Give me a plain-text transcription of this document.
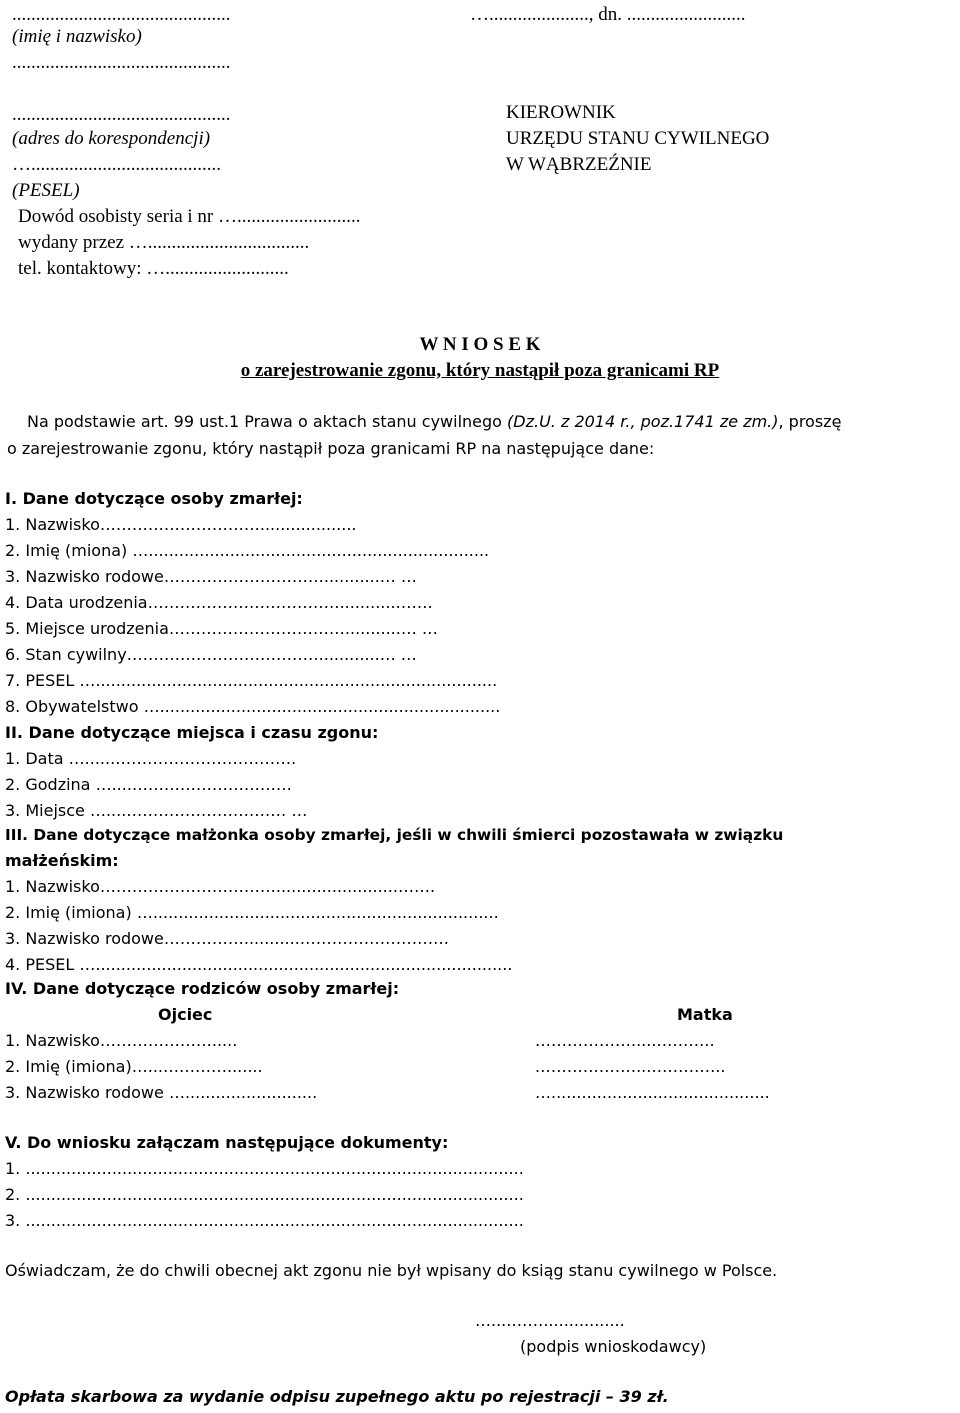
..............................................

(imię i nazwisko)

..............................................

..............................................

(adres do korespondencji)

…........................................

(PESEL)

Dowód osobisty seria i nr …..........................

wydany przez …..................................

tel. kontaktowy: …..........................

…....................., dn. .........................

KIEROWNIK

URZĘDU STANU CYWILNEGO

W WĄBRZEŹNIE

W N I O S E K

o zarejestrowanie zgonu, który nastąpił poza granicami RP

Na podstawie art. 99 ust.1 Prawa o aktach stanu cywilnego (Dz.U. z 2014 r., poz.1741 ze zm.), proszę

o zarejestrowanie zgonu, który nastąpił poza granicami RP na następujące dane:

I. Dane dotyczące osoby zmarłej:

1. Nazwisko…………………………...................

2. Imię (miona) …...................................................................

3. Nazwisko rodowe…………………………...........… …

4. Data urodzenia………………………………...........…….

5. Miejsce urodzenia……………………………...........… …

6. Stan cywilny………………………………............… …

7. PESEL …...............................................................................

8. Obywatelstwo …...................................................................

II. Dane dotyczące miejsca i czasu zgonu:

1. Data …......…………………………….

2. Godzina …....…………………………

3. Miejsce …....………………………… …

III. Dane dotyczące małżonka osoby zmarłej, jeśli w chwili śmierci pozostawała w związku

małżeńskim:

1. Nazwisko……………………………........................…….

2. Imię (imiona) …....................................................................

3. Nazwisko rodowe……………...........……………………….

4. PESEL …..................................................................................

IV. Dane dotyczące rodziców osoby zmarłej:

Ojciec	Matka

1. Nazwisko………………….....	……………….....………..

2. Imię (imiona)…...………….......	.………………...…………..

3. Nazwisko rodowe …..........................	…...........................................

V. Do wniosku załączam następujące dokumenty:

1. ..................................................................................................

2. ..................................................................................................

3. ..................................................................................................

Oświadczam, że do chwili obecnej akt zgonu nie był wpisany do ksiąg stanu cywilnego w Polsce.

…....……................

(podpis wnioskodawcy)

Opłata skarbowa za wydanie odpisu zupełnego aktu po rejestracji – 39 zł.
